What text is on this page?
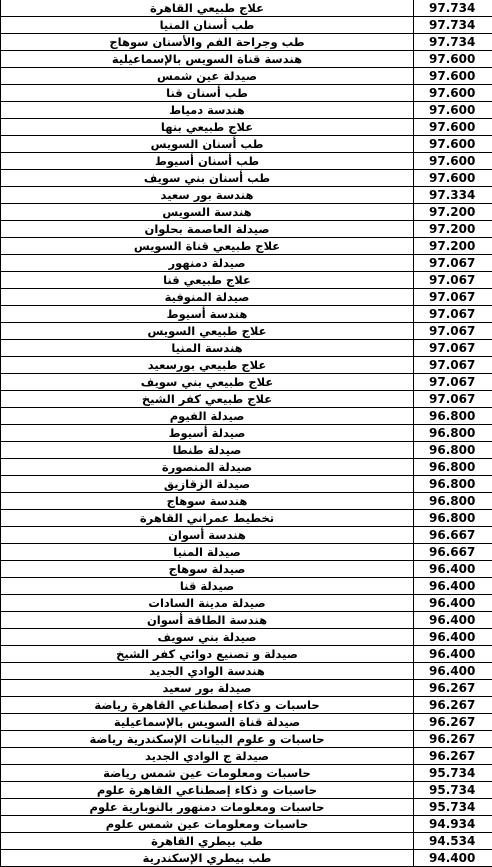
علاج طبيعي القاهرة	97.734
طب أسنان المنيا	97.734
طب وجراحة الفم والأسنان سوهاج	97.734
هندسة قناة السويس بالإسماعيلية	97.600
صيدلة عين شمس	97.600
طب أسنان قنا	97.600
هندسة دمياط	97.600
علاج طبيعي بنها	97.600
طب أسنان السويس	97.600
طب أسنان أسيوط	97.600
طب أسنان بني سويف	97.600
هندسة بور سعيد	97.334
هندسة السويس	97.200
صيدلة العاصمة بحلوان	97.200
علاج طبيعي قناة السويس	97.200
صيدلة دمنهور	97.067
علاج طبيعي قنا	97.067
صيدلة المنوفية	97.067
هندسة أسيوط	97.067
علاج طبيعي السويس	97.067
هندسة المنيا	97.067
علاج طبيعي بورسعيد	97.067
علاج طبيعي بني سويف	97.067
علاج طبيعي كفر الشيخ	97.067
صيدلة الفيوم	96.800
صيدلة أسيوط	96.800
صيدلة طنطا	96.800
صيدلة المنصورة	96.800
صيدلة الزقازيق	96.800
هندسة سوهاج	96.800
تخطيط عمراني القاهرة	96.800
هندسة أسوان	96.667
صيدلة المنيا	96.667
صيدلة سوهاج	96.400
صيدلة قنا	96.400
صيدلة مدينة السادات	96.400
هندسة الطاقة أسوان	96.400
صيدلة بني سويف	96.400
صيدلة و تصنيع دوائي كفر الشيخ	96.400
هندسة الوادي الجديد	96.400
صيدلة بور سعيد	96.267
حاسبات و ذكاء إصطناعي القاهرة رياضة	96.267
صيدلة قناة السويس بالإسماعيلية	96.267
حاسبات و علوم البيانات الإسكندرية رياضة	96.267
صيدلة ج الوادي الجديد	96.267
حاسبات ومعلومات عين شمس رياضة	95.734
حاسبات و ذكاء إصطناعي القاهرة علوم	95.734
حاسبات ومعلومات دمنهور بالنوبارية علوم	95.734
حاسبات ومعلومات عين شمس علوم	94.934
طب بيطري القاهرة	94.534
طب بيطري الإسكندرية	94.400
